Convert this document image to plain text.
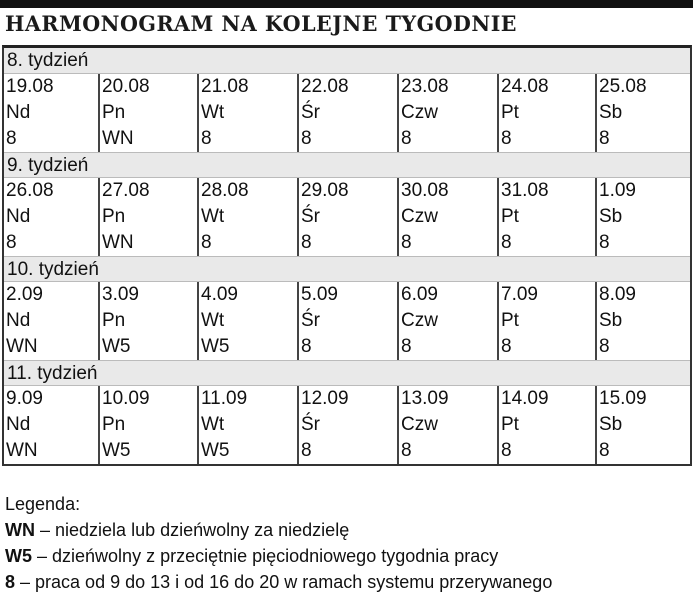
HARMONOGRAM NA KOLEJNE TYGODNIE
8. tydzień
19.08
Nd
8
20.08
Pn
WN
21.08
Wt
8
22.08
Śr
8
23.08
Czw
8
24.08
Pt
8
25.08
Sb
8
9. tydzień
26.08
Nd
8
27.08
Pn
WN
28.08
Wt
8
29.08
Śr
8
30.08
Czw
8
31.08
Pt
8
1.09
Sb
8
10. tydzień
2.09
Nd
WN
3.09
Pn
W5
4.09
Wt
W5
5.09
Śr
8
6.09
Czw
8
7.09
Pt
8
8.09
Sb
8
11. tydzień
9.09
Nd
WN
10.09
Pn
W5
11.09
Wt
W5
12.09
Śr
8
13.09
Czw
8
14.09
Pt
8
15.09
Sb
8
Legenda:
WN – niedziela lub dzieńwolny za niedzielę
W5 – dzieńwolny z przeciętnie pięciodniowego tygodnia pracy
8 – praca od 9 do 13 i od 16 do 20 w ramach systemu przerywanego
